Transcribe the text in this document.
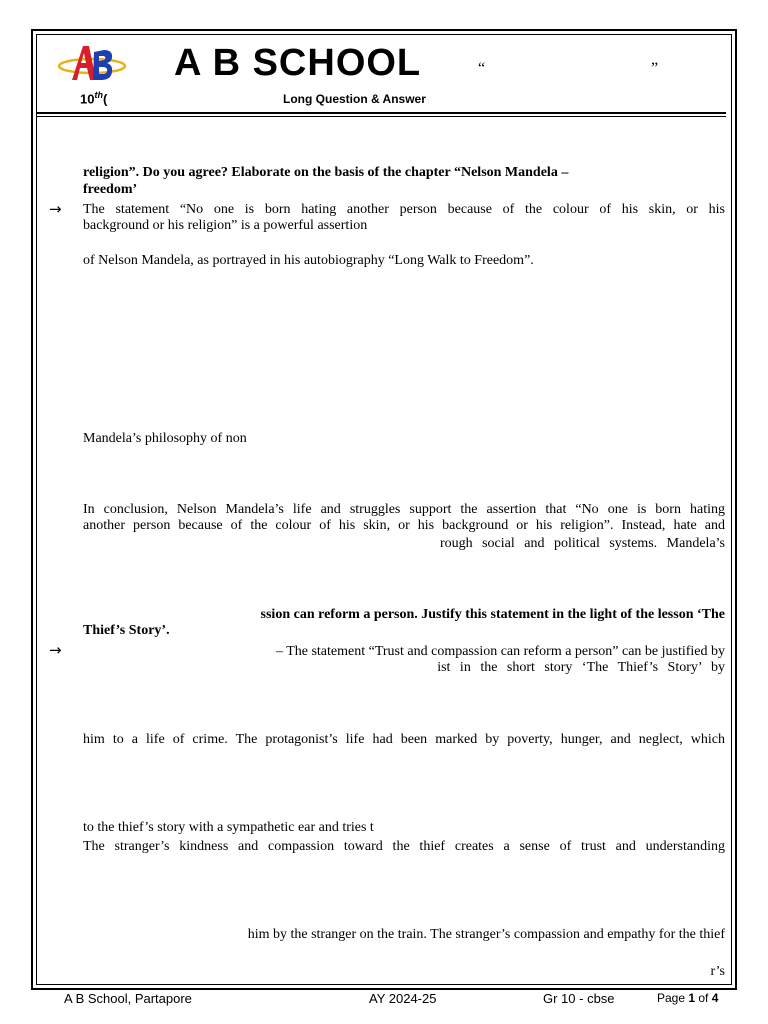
A B SCHOOL	“	”
10th(	Long Question & Answer
religion”. Do you agree? Elaborate on the basis of the chapter “Nelson Mandela –
freedom’
→ The statement “No one is born hating another person because of the colour of his skin, or his
background or his religion” is a powerful assertion
of Nelson Mandela, as portrayed in his autobiography “Long Walk to Freedom”.
Mandela’s philosophy of non
In conclusion, Nelson Mandela’s life and struggles support the assertion that “No one is born hating
another person because of the colour of his skin, or his background or his religion”. Instead, hate and
rough social and political systems. Mandela’s
ssion can reform a person. Justify this statement in the light of the lesson ‘The
Thief’s Story’.
→	– The statement “Trust and compassion can reform a person” can be justified by
ist in the short story ‘The Thief’s Story’ by
him to a life of crime. The protagonist’s life had been marked by poverty, hunger, and neglect, which
to the thief’s story with a sympathetic ear and tries t
The stranger’s kindness and compassion toward the thief creates a sense of trust and understanding
him by the stranger on the train. The stranger’s compassion and empathy for the thief
r’s
A B School, Partapore	AY 2024-25	Gr 10 - cbse	Page 1 of 4
